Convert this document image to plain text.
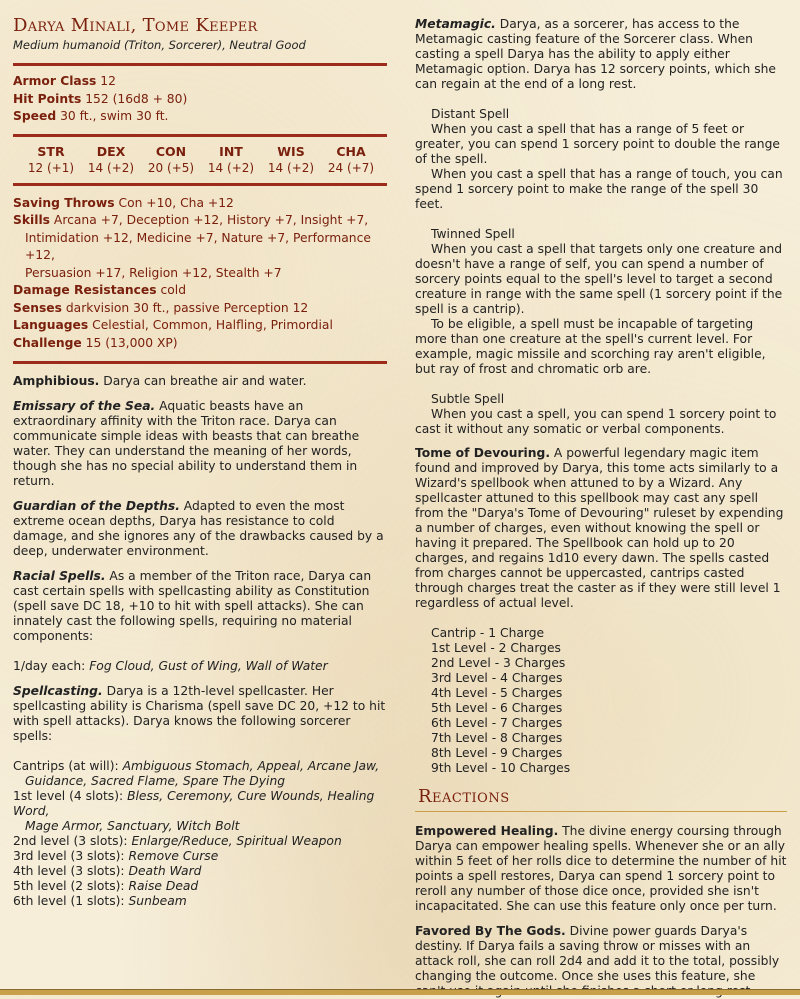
Darya Minali, Tome Keeper
Medium humanoid (Triton, Sorcerer), Neutral Good
Armor Class 12
Hit Points 152 (16d8 + 80)
Speed 30 ft., swim 30 ft.
STR
12 (+1)
DEX
14 (+2)
CON
20 (+5)
INT
14 (+2)
WIS
14 (+2)
CHA
24 (+7)
Saving Throws Con +10, Cha +12
Skills Arcana +7, Deception +12, History +7, Insight +7,
Intimidation +12, Medicine +7, Nature +7, Performance +12,
Persuasion +17, Religion +12, Stealth +7
Damage Resistances cold
Senses darkvision 30 ft., passive Perception 12
Languages Celestial, Common, Halfling, Primordial
Challenge 15 (13,000 XP)

Amphibious. Darya can breathe air and water.

Emissary of the Sea. Aquatic beasts have an extraordinary affinity with the Triton race. Darya can communicate simple ideas with beasts that can breathe water. They can understand the meaning of her words, though she has no special ability to understand them in return.

Guardian of the Depths. Adapted to even the most extreme ocean depths, Darya has resistance to cold damage, and she ignores any of the drawbacks caused by a deep, underwater environment.

Racial Spells. As a member of the Triton race, Darya can cast certain spells with spellcasting ability as Constitution (spell save DC 18, +10 to hit with spell attacks). She can innately cast the following spells, requiring no material components:

1/day each: Fog Cloud, Gust of Wing, Wall of Water

Spellcasting. Darya is a 12th-level spellcaster. Her spellcasting ability is Charisma (spell save DC 20, +12 to hit with spell attacks). Darya knows the following sorcerer spells:

Cantrips (at will): Ambiguous Stomach, Appeal, Arcane Jaw,
Guidance, Sacred Flame, Spare The Dying
1st level (4 slots): Bless, Ceremony, Cure Wounds, Healing Word,
Mage Armor, Sanctuary, Witch Bolt
2nd level (3 slots): Enlarge/Reduce, Spiritual Weapon
3rd level (3 slots): Remove Curse
4th level (3 slots): Death Ward
5th level (2 slots): Raise Dead
6th level (1 slots): Sunbeam

Metamagic. Darya, as a sorcerer, has access to the Metamagic casting feature of the Sorcerer class. When casting a spell Darya has the ability to apply either Metamagic option. Darya has 12 sorcery points, which she can regain at the end of a long rest.

Distant Spell

When you cast a spell that has a range of 5 feet or greater, you can spend 1 sorcery point to double the range of the spell.

When you cast a spell that has a range of touch, you can spend 1 sorcery point to make the range of the spell 30 feet.

Twinned Spell

When you cast a spell that targets only one creature and doesn't have a range of self, you can spend a number of sorcery points equal to the spell's level to target a second creature in range with the same spell (1 sorcery point if the spell is a cantrip).

To be eligible, a spell must be incapable of targeting more than one creature at the spell's current level. For example, magic missile and scorching ray aren't eligible, but ray of frost and chromatic orb are.

Subtle Spell

When you cast a spell, you can spend 1 sorcery point to cast it without any somatic or verbal components.

Tome of Devouring. A powerful legendary magic item found and improved by Darya, this tome acts similarly to a Wizard's spellbook when attuned to by a Wizard. Any spellcaster attuned to this spellbook may cast any spell from the "Darya's Tome of Devouring" ruleset by expending a number of charges, even without knowing the spell or having it prepared. The Spellbook can hold up to 20 charges, and regains 1d10 every dawn. The spells casted from charges cannot be uppercasted, cantrips casted through charges treat the caster as if they were still level 1 regardless of actual level.

Cantrip - 1 Charge
1st Level - 2 Charges
2nd Level - 3 Charges
3rd Level - 4 Charges
4th Level - 5 Charges
5th Level - 6 Charges
6th Level - 7 Charges
7th Level - 8 Charges
8th Level - 9 Charges
9th Level - 10 Charges
Reactions

Empowered Healing. The divine energy coursing through Darya can empower healing spells. Whenever she or an ally within 5 feet of her rolls dice to determine the number of hit points a spell restores, Darya can spend 1 sorcery point to reroll any number of those dice once, provided she isn't incapacitated. She can use this feature only once per turn.

Favored By The Gods. Divine power guards Darya's destiny. If Darya fails a saving throw or misses with an attack roll, she can roll 2d4 and add it to the total, possibly changing the outcome. Once she uses this feature, she
